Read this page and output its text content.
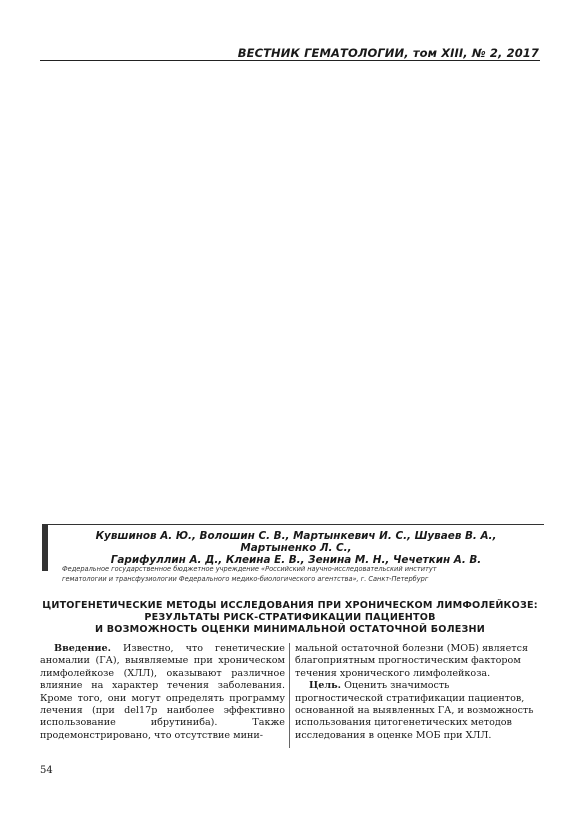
ВЕСТНИК ГЕМАТОЛОГИИ, том XIII, № 2, 2017
Кувшинов А. Ю., Волошин С. В., Мартынкевич И. С., Шуваев В. А., Мартыненко Л. С.,
Гарифуллин А. Д., Клеина Е. В., Зенина М. Н., Чечеткин А. В.
Федеральное государственное бюджетное учреждение «Российский научно-исследовательский институт
гематологии и трансфузиологии Федерального медико-биологического агентства», г. Санкт-Петербург
ЦИТОГЕНЕТИЧЕСКИЕ МЕТОДЫ ИССЛЕДОВАНИЯ ПРИ ХРОНИЧЕСКОМ ЛИМФОЛЕЙКОЗЕ:
РЕЗУЛЬТАТЫ РИСК-СТРАТИФИКАЦИИ ПАЦИЕНТОВ
И ВОЗМОЖНОСТЬ ОЦЕНКИ МИНИМАЛЬНОЙ ОСТАТОЧНОЙ БОЛЕЗНИ

Введение. Известно, что генетические аномалии (ГА), выявляемые при хроническом лимфолейкозе (ХЛЛ), оказывают различное влияние на характер течения заболевания. Кроме того, они могут определять программу лечения (при del17p наиболее эффективно использование ибрутиниба). Также продемонстрировано, что отсутствие мини-

мальной остаточной болезни (МОБ) является благоприятным прогностическим фактором течения хронического лимфолейкоза.

Цель. Оценить значимость прогностической стратификации пациентов, основанной на выявленных ГА, и возможность использования цитогенетических методов исследования в оценке МОБ при ХЛЛ.

54
